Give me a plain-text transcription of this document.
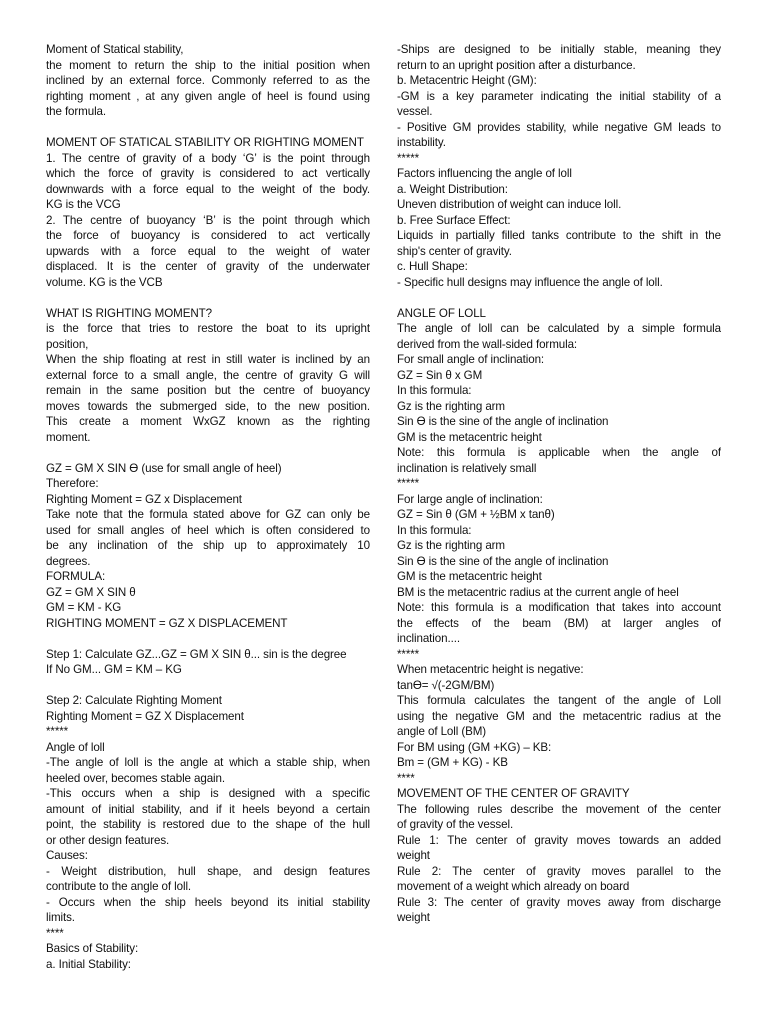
Moment of Statical stability,
the moment to return the ship to the initial position when
inclined by an external force. Commonly referred to as the
righting moment , at any given angle of heel is found using
the formula.
MOMENT OF STATICAL STABILITY OR RIGHTING MOMENT
1. The centre of gravity of a body ‘G’ is the point through
which the force of gravity is considered to act vertically
downwards with a force equal to the weight of the body.
KG is the VCG
2. The centre of buoyancy ‘B’ is the point through which
the force of buoyancy is considered to act vertically
upwards with a force equal to the weight of water
displaced. It is the center of gravity of the underwater
volume. KG is the VCB
WHAT IS RIGHTING MOMENT?
is the force that tries to restore the boat to its upright
position,
When the ship floating at rest in still water is inclined by an
external force to a small angle, the centre of gravity G will
remain in the same position but the centre of buoyancy
moves towards the submerged side, to the new position.
This create a moment WxGZ known as the righting
moment.
GZ = GM X SIN ϴ (use for small angle of heel)
Therefore:
Righting Moment = GZ x Displacement
Take note that the formula stated above for GZ can only be
used for small angles of heel which is often considered to
be any inclination of the ship up to approximately 10
degrees.
FORMULA:
GZ = GM X SIN θ
GM = KM - KG
RIGHTING MOMENT = GZ X DISPLACEMENT
Step 1: Calculate GZ...GZ = GM X SIN θ... sin is the degree
If No GM... GM = KM – KG
Step 2: Calculate Righting Moment
Righting Moment = GZ X Displacement
*****
Angle of loll
-The angle of loll is the angle at which a stable ship, when
heeled over, becomes stable again.
-This occurs when a ship is designed with a specific
amount of initial stability, and if it heels beyond a certain
point, the stability is restored due to the shape of the hull
or other design features.
Causes:
- Weight distribution, hull shape, and design features
contribute to the angle of loll.
- Occurs when the ship heels beyond its initial stability
limits.
****
Basics of Stability:
a. Initial Stability:
-Ships are designed to be initially stable, meaning they
return to an upright position after a disturbance.
b. Metacentric Height (GM):
-GM is a key parameter indicating the initial stability of a
vessel.
- Positive GM provides stability, while negative GM leads to
instability.
*****
Factors influencing the angle of loll
a. Weight Distribution:
Uneven distribution of weight can induce loll.
b. Free Surface Effect:
Liquids in partially filled tanks contribute to the shift in the
ship's center of gravity.
c. Hull Shape:
- Specific hull designs may influence the angle of loll.
ANGLE OF LOLL
The angle of loll can be calculated by a simple formula
derived from the wall-sided formula:
For small angle of inclination:
GZ = Sin θ x GM
In this formula:
Gz is the righting arm
Sin ϴ is the sine of the angle of inclination
GM is the metacentric height
Note: this formula is applicable when the angle of
inclination is relatively small
*****
For large angle of inclination:
GZ = Sin θ (GM + ½BM x tanθ)
In this formula:
Gz is the righting arm
Sin ϴ is the sine of the angle of inclination
GM is the metacentric height
BM is the metacentric radius at the current angle of heel
Note: this formula is a modification that takes into account
the effects of the beam (BM) at larger angles of
inclination....
*****
When metacentric height is negative:
tanϴ= √(-2GM/BM)
This formula calculates the tangent of the angle of Loll
using the negative GM and the metacentric radius at the
angle of Loll (BM)
For BM using (GM +KG) – KB:
Bm = (GM + KG) - KB
****
MOVEMENT OF THE CENTER OF GRAVITY
The following rules describe the movement of the center
of gravity of the vessel.
Rule 1: The center of gravity moves towards an added
weight
Rule 2: The center of gravity moves parallel to the
movement of a weight which already on board
Rule 3: The center of gravity moves away from discharge
weight
